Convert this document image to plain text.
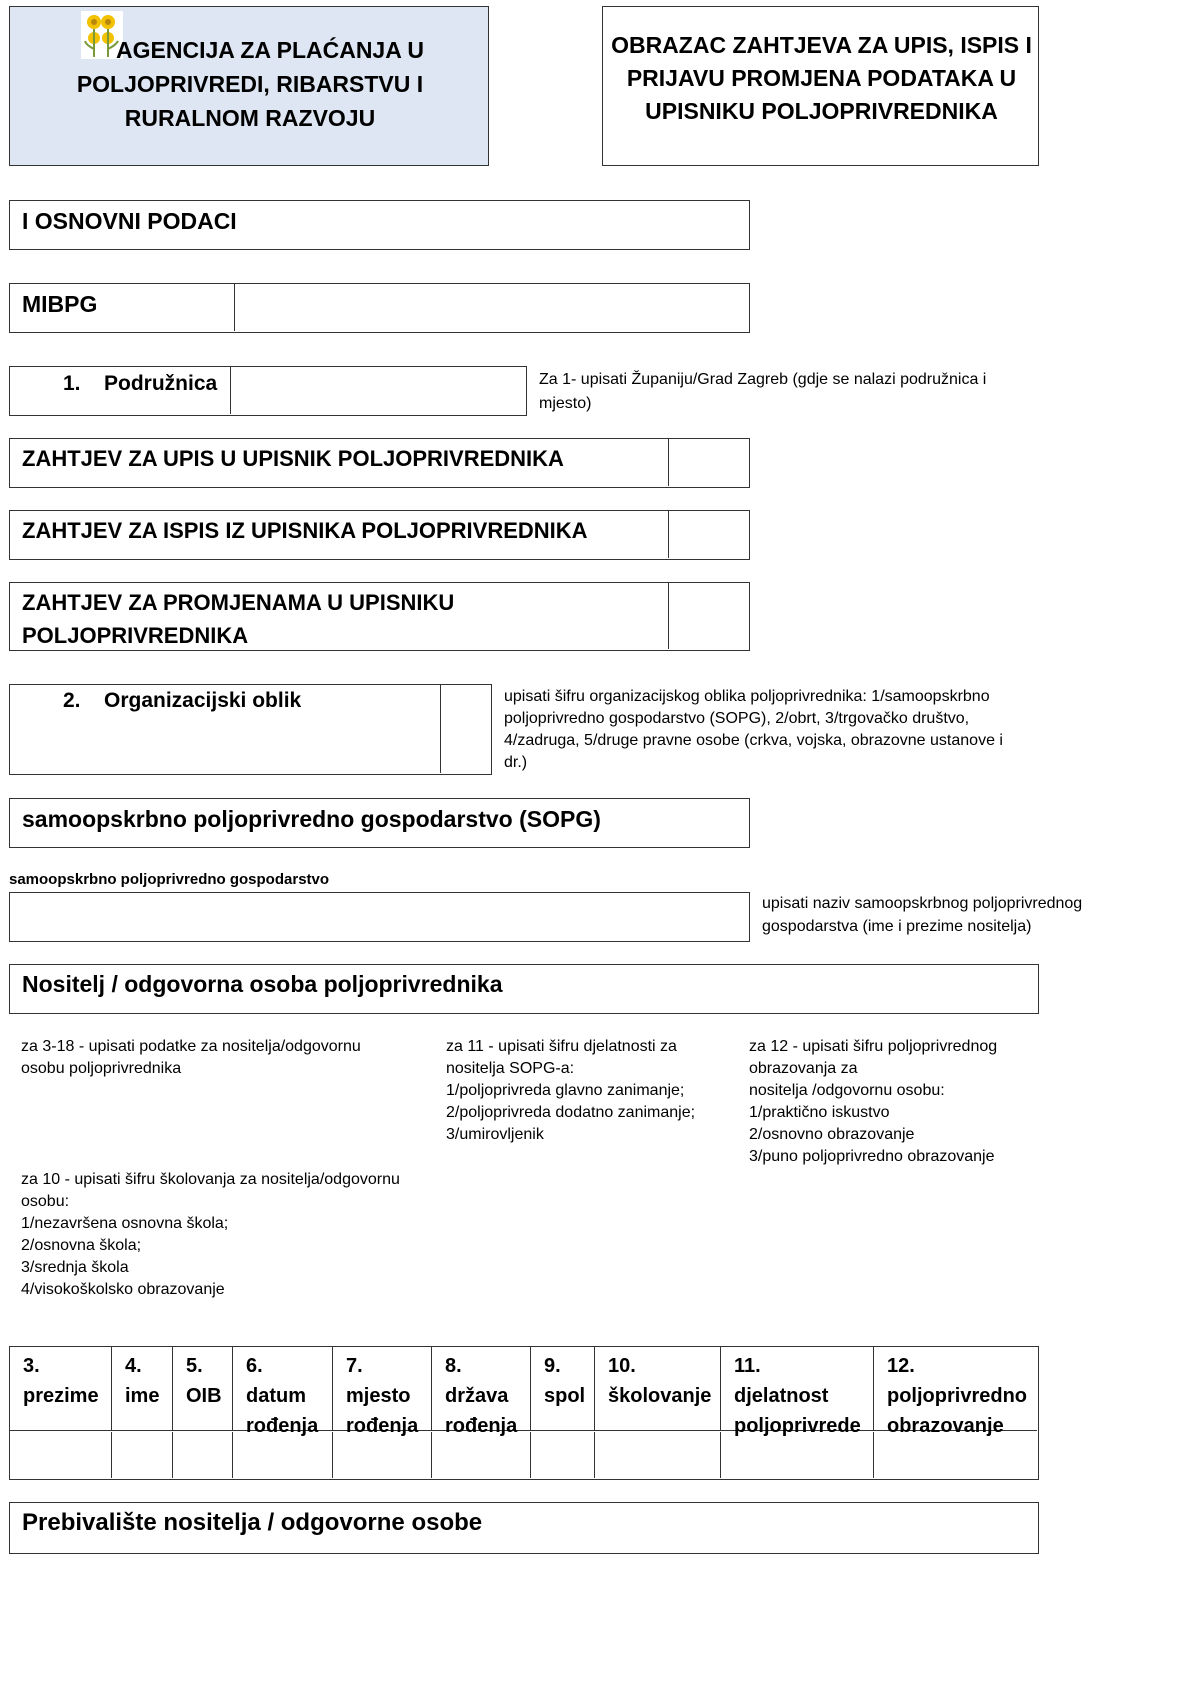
AGENCIJA ZA PLAĆANJA U
POLJOPRIVREDI, RIBARSTVU I
RURALNOM RAZVOJU
OBRAZAC ZAHTJEVA ZA UPIS, ISPIS I
PRIJAVU PROMJENA PODATAKA U
UPISNIKU POLJOPRIVREDNIKA
I OSNOVNI PODACI
MIBPG
1. Podružnica	Za 1- upisati Županiju/Grad Zagreb (gdje se nalazi podružnica i
mjesto)
ZAHTJEV ZA UPIS U UPISNIK POLJOPRIVREDNIKA
ZAHTJEV ZA ISPIS IZ UPISNIKA POLJOPRIVREDNIKA
ZAHTJEV ZA PROMJENAMA U UPISNIKU
POLJOPRIVREDNIKA
2. Organizacijski oblik	upisati šifru organizacijskog oblika poljoprivrednika: 1/samoopskrbno
poljoprivredno gospodarstvo (SOPG), 2/obrt, 3/trgovačko društvo,
4/zadruga, 5/druge pravne osobe (crkva, vojska, obrazovne ustanove i
dr.)
samoopskrbno poljoprivredno gospodarstvo (SOPG)
samoopskrbno poljoprivredno gospodarstvo
upisati naziv samoopskrbnog poljoprivrednog
gospodarstva (ime i prezime nositelja)
Nositelj / odgovorna osoba poljoprivrednika
za 3-18 - upisati podatke za nositelja/odgovornu
osobu poljoprivrednika
za 10 - upisati šifru školovanja za nositelja/odgovornu
osobu:
1/nezavršena osnovna škola;
2/osnovna škola;
3/srednja škola
4/visokoškolsko obrazovanje
za 11 - upisati šifru djelatnosti za
nositelja SOPG-a:
1/poljoprivreda glavno zanimanje;
2/poljoprivreda dodatno zanimanje;
3/umirovljenik
za 12 - upisati šifru poljoprivrednog
obrazovanja za
nositelja /odgovornu osobu:
1/praktično iskustvo
2/osnovno obrazovanje
3/puno poljoprivredno obrazovanje
3.
prezime
4.
ime
5.
OIB
6.
datum
rođenja
7.
mjesto
rođenja
8.
država
rođenja
9.
spol
10.
školovanje
11.
djelatnost
poljoprivrede
12.
poljoprivredno
obrazovanje
Prebivalište nositelja / odgovorne osobe
